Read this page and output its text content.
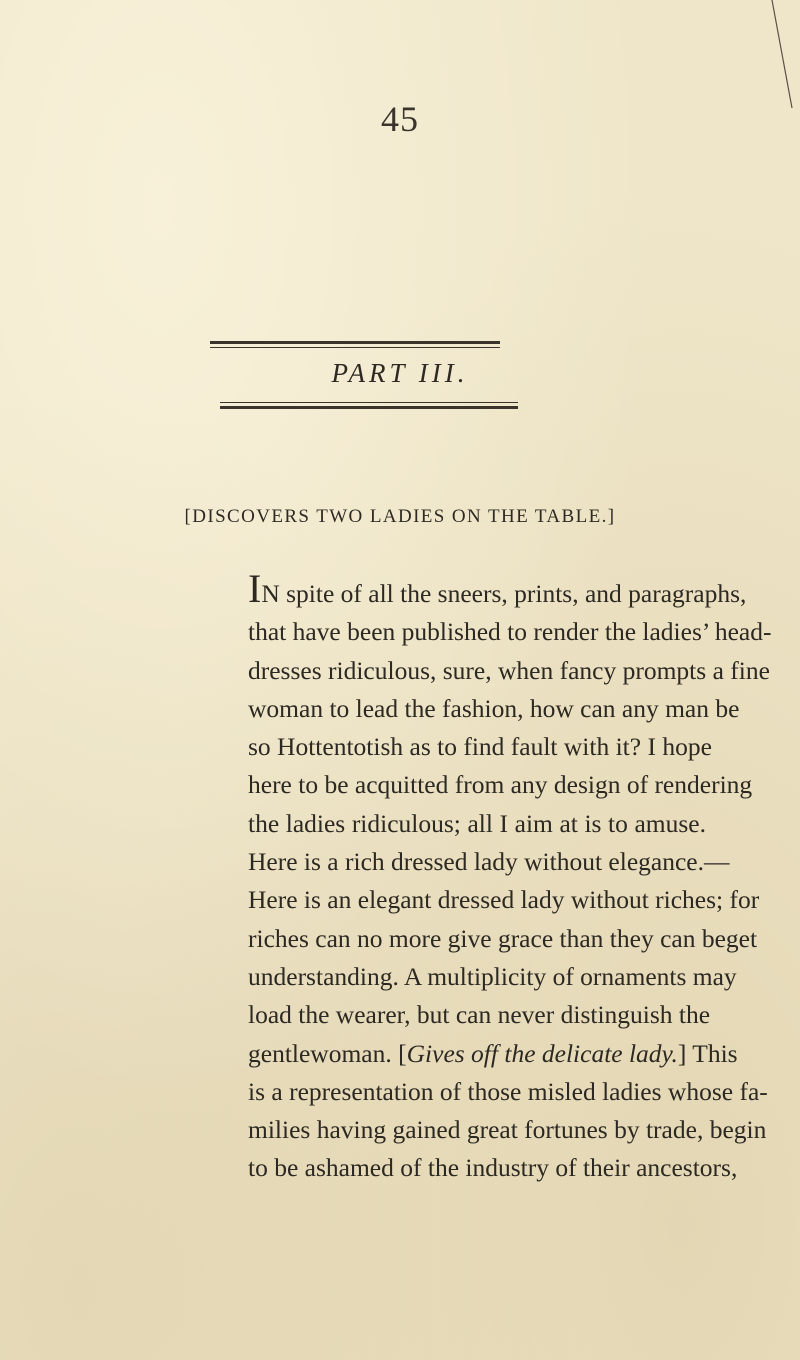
45
PART III.
[DISCOVERS TWO LADIES ON THE TABLE.]
IN spite of all the sneers, prints, and paragraphs,
that have been published to render the ladies’ head-
dresses ridiculous, sure, when fancy prompts a fine
woman to lead the fashion, how can any man be
so Hottentotish as to find fault with it? I hope
here to be acquitted from any design of rendering
the ladies ridiculous; all I aim at is to amuse.
Here is a rich dressed lady without elegance.—
Here is an elegant dressed lady without riches; for
riches can no more give grace than they can beget
understanding. A multiplicity of ornaments may
load the wearer, but can never distinguish the
gentlewoman. [Gives off the delicate lady.] This
is a representation of those misled ladies whose fa-
milies having gained great fortunes by trade, begin
to be ashamed of the industry of their ancestors,
